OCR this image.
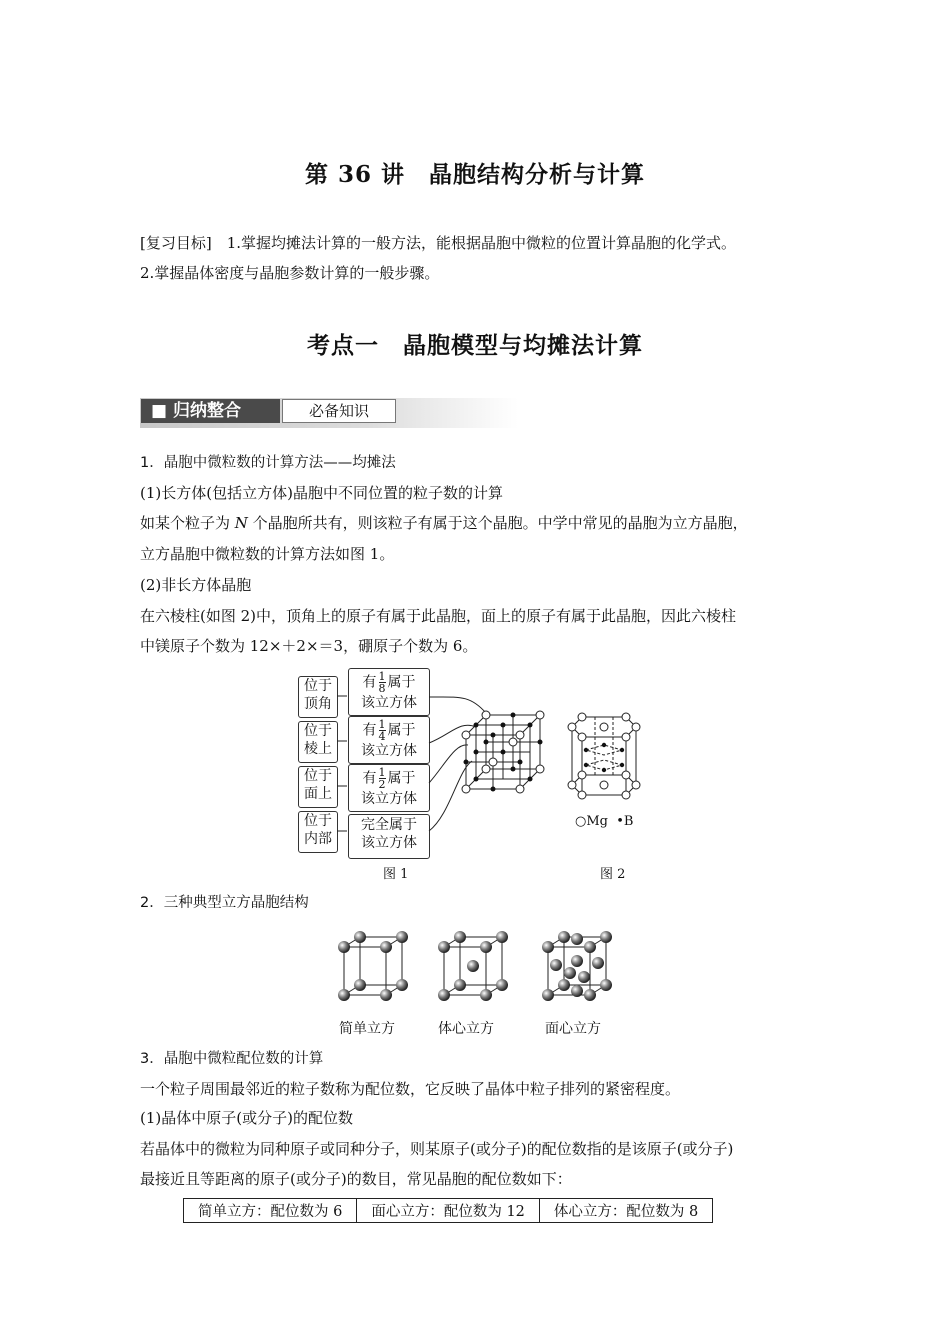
第 36 讲　晶胞结构分析与计算
[复习目标]　1.掌握均摊法计算的一般方法，能根据晶胞中微粒的位置计算晶胞的化学式。
2.掌握晶体密度与晶胞参数计算的一般步骤。
考点一　晶胞模型与均摊法计算
■ 归纳整合	必备知识
1．晶胞中微粒数的计算方法——均摊法
(1)长方体(包括立方体)晶胞中不同位置的粒子数的计算
如某个粒子为 N 个晶胞所共有，则该粒子有属于这个晶胞。中学中常见的晶胞为立方晶胞，
立方晶胞中微粒数的计算方法如图 1。
(2)非长方体晶胞
在六棱柱(如图 2)中，顶角上的原子有属于此晶胞，面上的原子有属于此晶胞，因此六棱柱
中镁原子个数为 12×＋2×＝3，硼原子个数为 6。
位于
顶角
有 $\frac{1}{8}$ 属于
该立方体
位于
棱上
有 $\frac{1}{4}$ 属于
该立方体
位于
面上
有 $\frac{1}{2}$ 属于
该立方体
位于
内部
完全属于
该立方体
图 1
○Mg •B
图 2
2．三种典型立方晶胞结构
简单立方	体心立方	面心立方
3．晶胞中微粒配位数的计算
一个粒子周围最邻近的粒子数称为配位数，它反映了晶体中粒子排列的紧密程度。
(1)晶体中原子(或分子)的配位数
若晶体中的微粒为同种原子或同种分子，则某原子(或分子)的配位数指的是该原子(或分子)
最接近且等距离的原子(或分子)的数目，常见晶胞的配位数如下：
简单立方：配位数为 6	面心立方：配位数为 12	体心立方：配位数为 8
